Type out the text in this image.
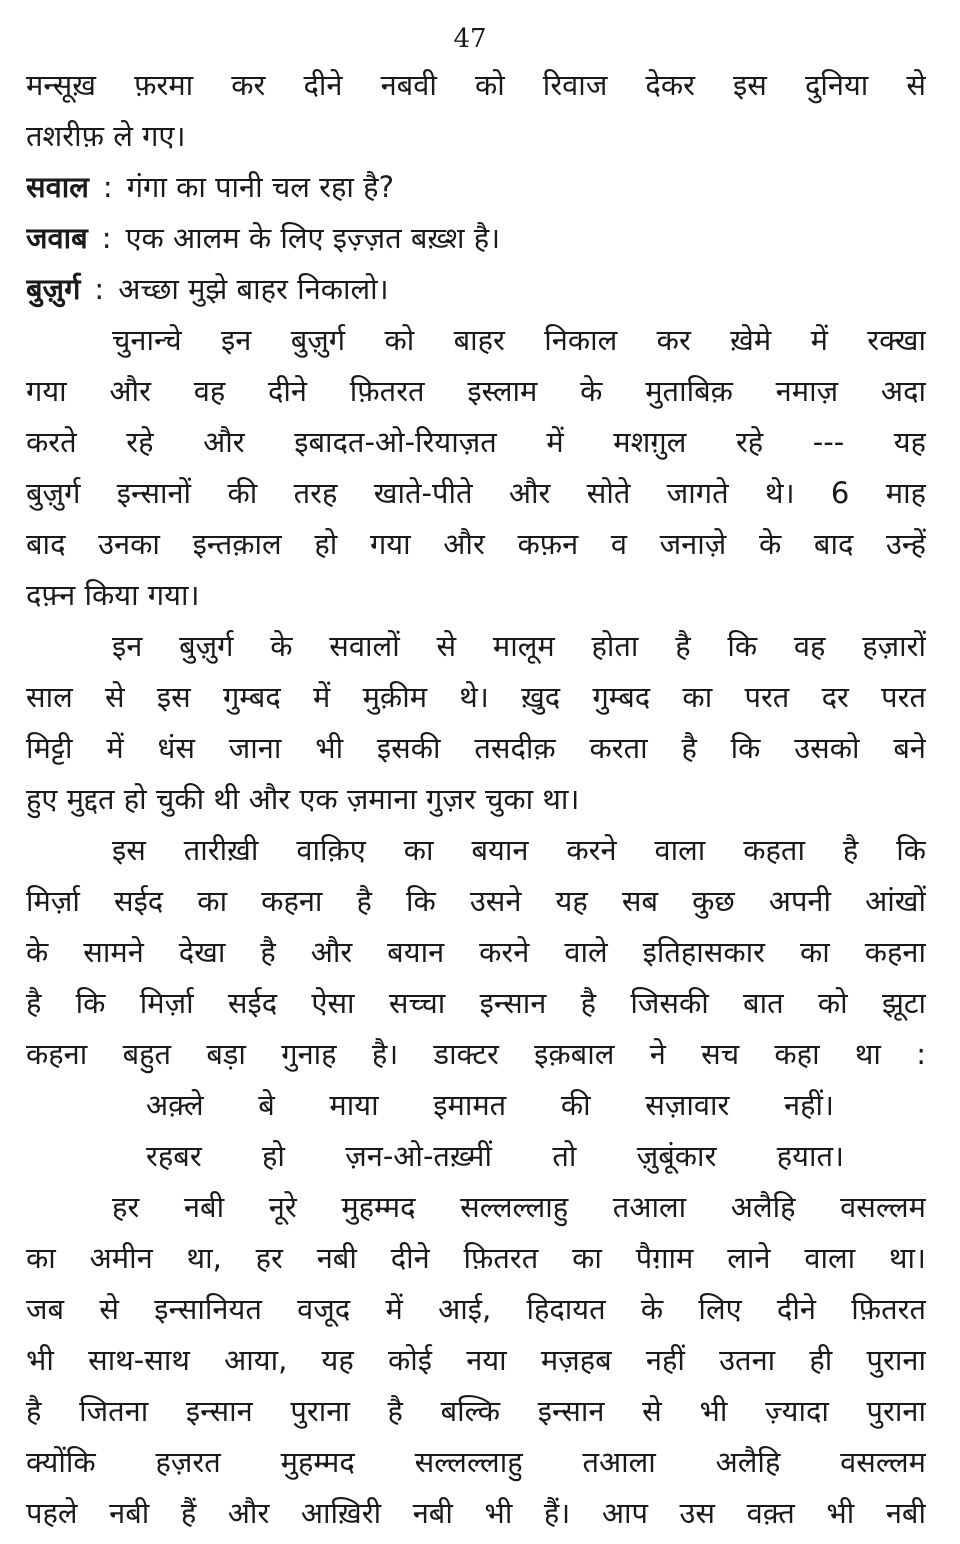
47
मन्सूख़ फ़रमा कर दीने नबवी को रिवाज देकर इस दुनिया से
तशरीफ़ ले गए।
सवाल : गंगा का पानी चल रहा है?
जवाब : एक आलम के लिए इज़्ज़त बख़्श है।
बुज़ुर्ग : अच्छा मुझे बाहर निकालो।
चुनान्चे इन बुज़ुर्ग को बाहर निकाल कर ख़ेमे में रक्खा
गया और वह दीने फ़ितरत इस्लाम के मुताबिक़ नमाज़ अदा
करते रहे और इबादत-ओ-रियाज़त में मशग़ुल रहे --- यह
बुज़ुर्ग इन्सानों की तरह खाते-पीते और सोते जागते थे। 6 माह
बाद उनका इन्तक़ाल हो गया और कफ़न व जनाज़े के बाद उन्हें
दफ़्न किया गया।
इन बुज़ुर्ग के सवालों से मालूम होता है कि वह हज़ारों
साल से इस गुम्बद में मुक़ीम थे। ख़ुद गुम्बद का परत दर परत
मिट्टी में धंस जाना भी इसकी तसदीक़ करता है कि उसको बने
हुए मुद्दत हो चुकी थी और एक ज़माना गुज़र चुका था।
इस तारीख़ी वाक़िए का बयान करने वाला कहता है कि
मिर्ज़ा सईद का कहना है कि उसने यह सब कुछ अपनी आंखों
के सामने देखा है और बयान करने वाले इतिहासकार का कहना
है कि मिर्ज़ा सईद ऐसा सच्चा इन्सान है जिसकी बात को झूटा
कहना बहुत बड़ा गुनाह है। डाक्टर इक़बाल ने सच कहा था :
अक़्ले बे माया इमामत की सज़ावार नहीं।
रहबर हो ज़न-ओ-तख़्मीं तो ज़ुबूंकार हयात।
हर नबी नूरे मुहम्मद सल्लल्लाहु तआला अलैहि वसल्लम
का अमीन था, हर नबी दीने फ़ितरत का पैग़ाम लाने वाला था।
जब से इन्सानियत वजूद में आई, हिदायत के लिए दीने फ़ितरत
भी साथ-साथ आया, यह कोई नया मज़हब नहीं उतना ही पुराना
है जितना इन्सान पुराना है बल्कि इन्सान से भी ज़्यादा पुराना
क्योंकि हज़रत मुहम्मद सल्लल्लाहु तआला अलैहि वसल्लम
पहले नबी हैं और आख़िरी नबी भी हैं। आप उस वक़्त भी नबी
